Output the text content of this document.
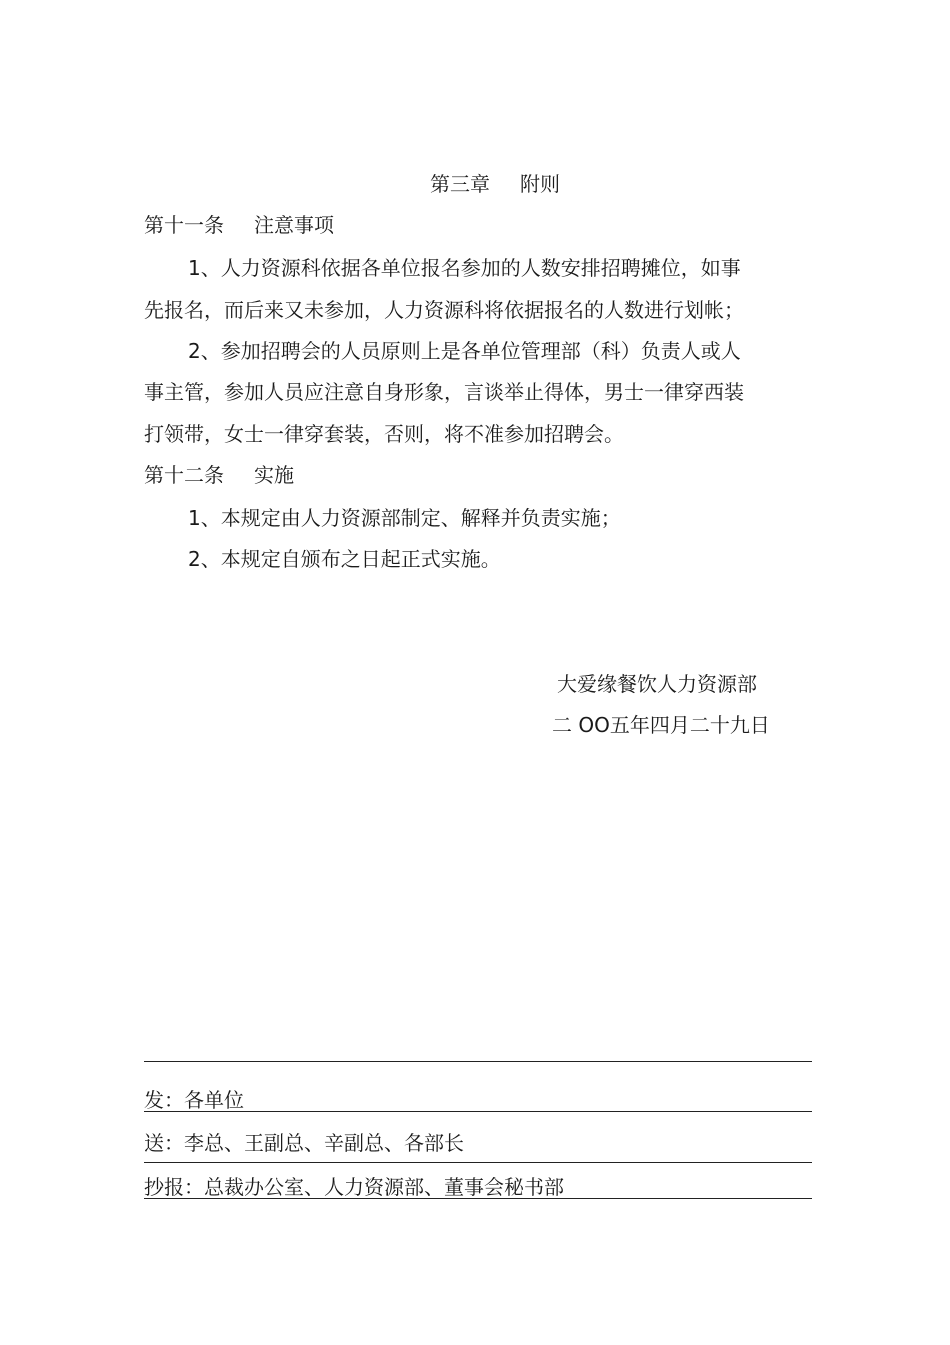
第三章 附则
第十一条 注意事项
1、人力资源科依据各单位报名参加的人数安排招聘摊位，如事
先报名，而后来又未参加，人力资源科将依据报名的人数进行划帐；
2、参加招聘会的人员原则上是各单位管理部（科）负责人或人
事主管，参加人员应注意自身形象，言谈举止得体，男士一律穿西装
打领带，女士一律穿套装，否则，将不准参加招聘会。
第十二条 实施
1、本规定由人力资源部制定、解释并负责实施；
2、本规定自颁布之日起正式实施。
大爱缘餐饮人力资源部
二 OO五年四月二十九日
发：各单位
送：李总、王副总、辛副总、各部长
抄报：总裁办公室、人力资源部、董事会秘书部
